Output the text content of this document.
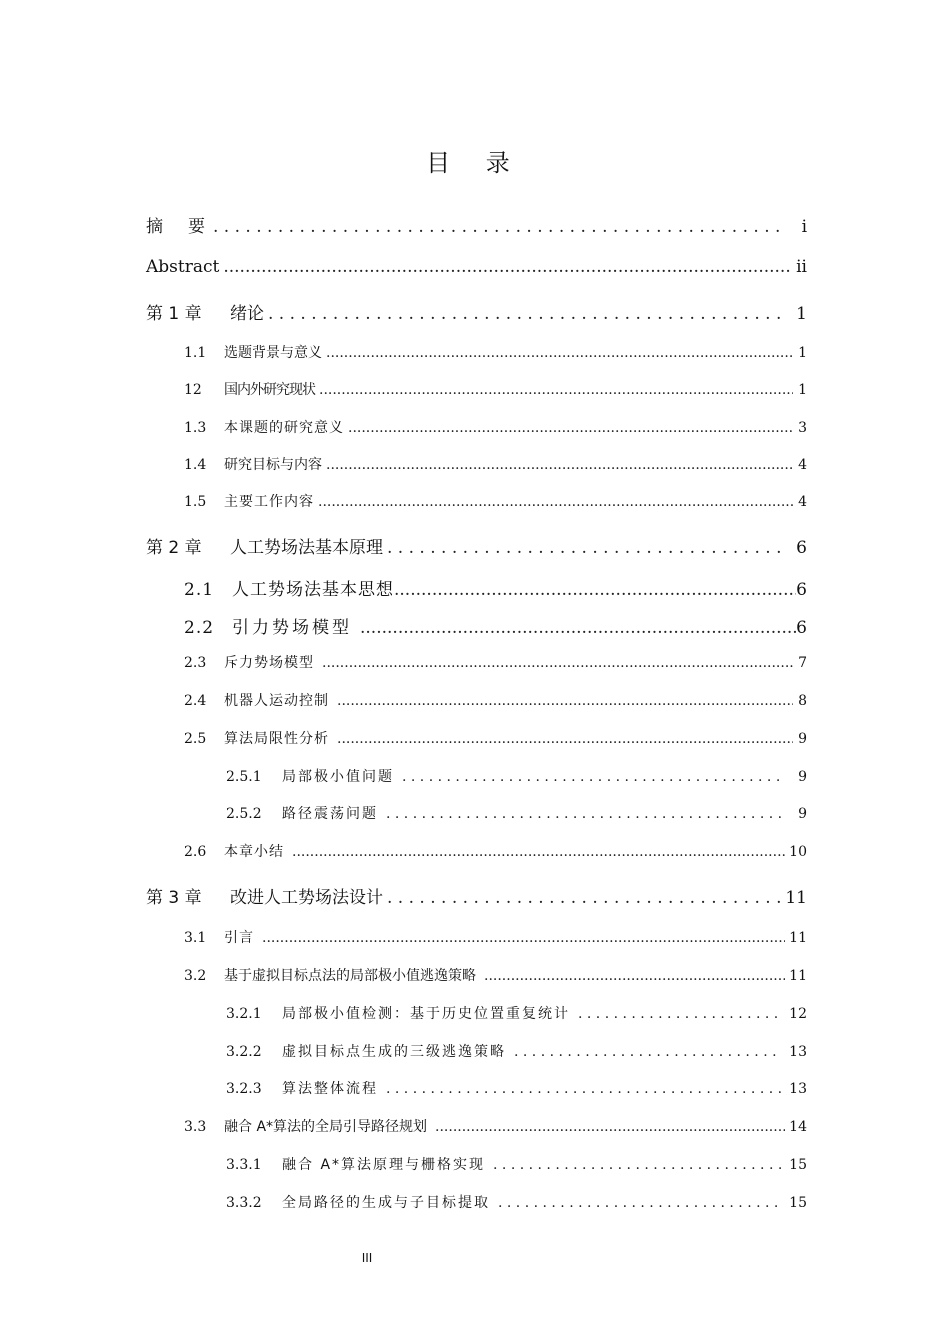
目 录
摘　要 . . .	i
Abstract .....	ii
第 1 章	绪论 . . .	1
1.1	选题背景与意义 .....	1
12	国内外研究现状 .....	1
1.3	本课题的研究意义 .....	3
1.4	研究目标与内容 .....	4
1.5	主要工作内容 .....	4
第 2 章	人工势场法基本原理 . . .	6
2.1	人工势场法基本思想 .....	6
2.2	引力势场模型 .....	6
2.3	斥力势场模型 .....	7
2.4	机器人运动控制 .....	8
2.5	算法局限性分析 .....	9
2.5.1	局部极小值问题 . . .	9
2.5.2	路径震荡问题 . . .	9
2.6	本章小结 .....	10
第 3 章	改进人工势场法设计 . . .	11
3.1	引言 .....	11
3.2	基于虚拟目标点法的局部极小值逃逸策略 .....	11
3.2.1	局部极小值检测：基于历史位置重复统计 . . .	12
3.2.2	虚拟目标点生成的三级逃逸策略 . . .	13
3.2.3	算法整体流程 . . .	13
3.3	融合 A*算法的全局引导路径规划 .....	14
3.3.1	融合 A*算法原理与栅格实现 . . .	15
3.3.2	全局路径的生成与子目标提取 . . .	15
III
